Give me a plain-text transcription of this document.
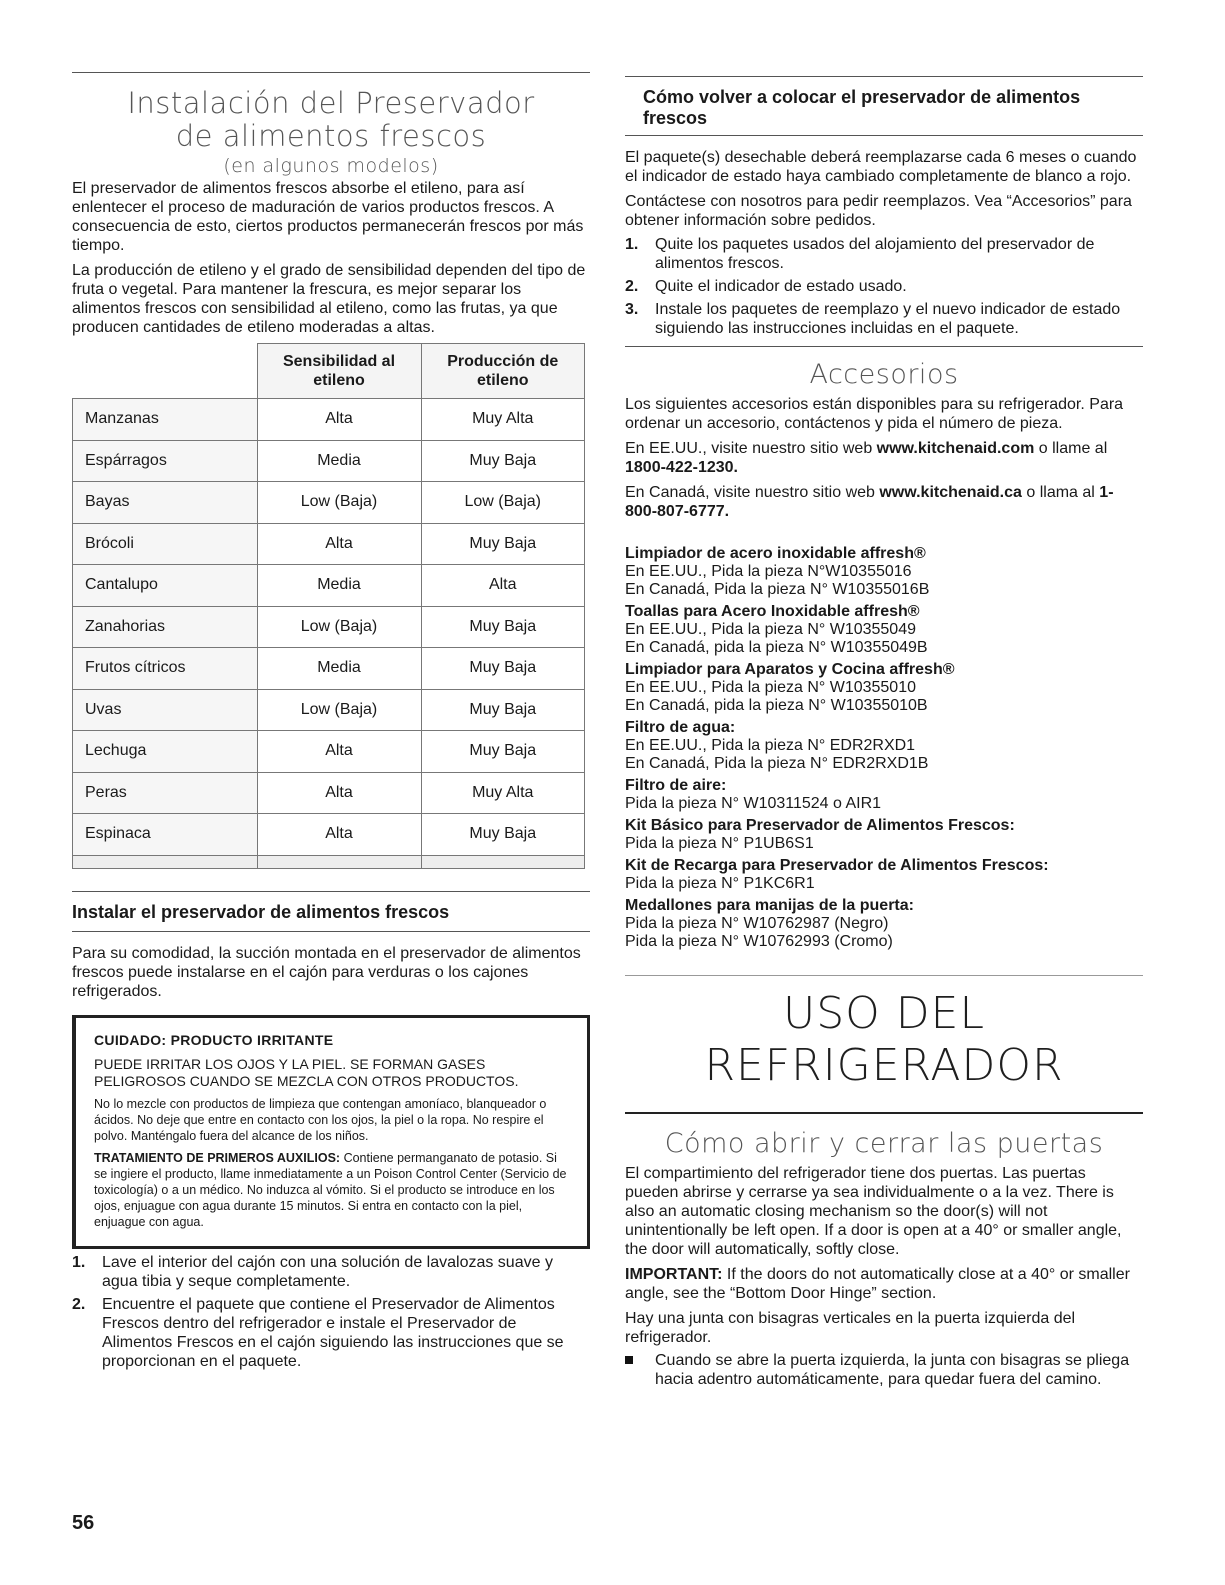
Instalación del Preservador
de alimentos frescos
(en algunos modelos)

El preservador de alimentos frescos absorbe el etileno, para así enlentecer el proceso de maduración de varios productos frescos. A consecuencia de esto, ciertos productos permanecerán frescos por más tiempo.

La producción de etileno y el grado de sensibilidad dependen del tipo de fruta o vegetal. Para mantener la frescura, es mejor separar los alimentos frescos con sensibilidad al etileno, como las frutas, ya que producen cantidades de etileno moderadas a altas.

	Sensibilidad al etileno	Producción de etileno
Manzanas	Alta	Muy Alta
Espárragos	Media	Muy Baja
Bayas	Low (Baja)	Low (Baja)
Brócoli	Alta	Muy Baja
Cantalupo	Media	Alta
Zanahorias	Low (Baja)	Muy Baja
Frutos cítricos	Media	Muy Baja
Uvas	Low (Baja)	Muy Baja
Lechuga	Alta	Muy Baja
Peras	Alta	Muy Alta
Espinaca	Alta	Muy Baja

Instalar el preservador de alimentos frescos

Para su comodidad, la succión montada en el preservador de alimentos frescos puede instalarse en el cajón para verduras o los cajones refrigerados.

CUIDADO: PRODUCTO IRRITANTE
PUEDE IRRITAR LOS OJOS Y LA PIEL. SE FORMAN GASES PELIGROSOS CUANDO SE MEZCLA CON OTROS PRODUCTOS.
No lo mezcle con productos de limpieza que contengan amoníaco, blanqueador o ácidos. No deje que entre en contacto con los ojos, la piel o la ropa. No respire el polvo. Manténgalo fuera del alcance de los niños.
TRATAMIENTO DE PRIMEROS AUXILIOS: Contiene permanganato de potasio. Si se ingiere el producto, llame inmediatamente a un Poison Control Center (Servicio de toxicología) o a un médico. No induzca al vómito. Si el producto se introduce en los ojos, enjuague con agua durante 15 minutos. Si entra en contacto con la piel, enjuague con agua.
1. Lave el interior del cajón con una solución de lavalozas suave y agua tibia y seque completamente.
2. Encuentre el paquete que contiene el Preservador de Alimentos Frescos dentro del refrigerador e instale el Preservador de Alimentos Frescos en el cajón siguiendo las instrucciones que se proporcionan en el paquete.
Cómo volver a colocar el preservador de alimentos frescos

El paquete(s) desechable deberá reemplazarse cada 6 meses o cuando el indicador de estado haya cambiado completamente de blanco a rojo.

Contáctese con nosotros para pedir reemplazos. Vea “Accesorios” para obtener información sobre pedidos.

1. Quite los paquetes usados del alojamiento del preservador de alimentos frescos.
2. Quite el indicador de estado usado.
3. Instale los paquetes de reemplazo y el nuevo indicador de estado siguiendo las instrucciones incluidas en el paquete.
Accesorios

Los siguientes accesorios están disponibles para su refrigerador. Para ordenar un accesorio, contáctenos y pida el número de pieza.

En EE.UU., visite nuestro sitio web www.kitchenaid.com o llame al 1800-422-1230.

En Canadá, visite nuestro sitio web www.kitchenaid.ca o llama al 1-800-807-6777.

Limpiador de acero inoxidable affresh®
En EE.UU., Pida la pieza N°W10355016
En Canadá, Pida la pieza N° W10355016B
Toallas para Acero Inoxidable affresh®
En EE.UU., Pida la pieza N° W10355049
En Canadá, pida la pieza N° W10355049B
Limpiador para Aparatos y Cocina affresh®
En EE.UU., Pida la pieza N° W10355010
En Canadá, pida la pieza N° W10355010B
Filtro de agua:
En EE.UU., Pida la pieza N° EDR2RXD1
En Canadá, Pida la pieza N° EDR2RXD1B
Filtro de aire:
Pida la pieza N° W10311524 o AIR1
Kit Básico para Preservador de Alimentos Frescos:
Pida la pieza N° P1UB6S1
Kit de Recarga para Preservador de Alimentos Frescos:
Pida la pieza N° P1KC6R1
Medallones para manijas de la puerta:
Pida la pieza N° W10762987 (Negro)
Pida la pieza N° W10762993 (Cromo)
USO DEL REFRIGERADOR
Cómo abrir y cerrar las puertas

El compartimiento del refrigerador tiene dos puertas. Las puertas pueden abrirse y cerrarse ya sea individualmente o a la vez. There is also an automatic closing mechanism so the door(s) will not unintentionally be left open. If a door is open at a 40° or smaller angle, the door will automatically, softly close.

IMPORTANT: If the doors do not automatically close at a 40° or smaller angle, see the “Bottom Door Hinge” section.

Hay una junta con bisagras verticales en la puerta izquierda del refrigerador.

Cuando se abre la puerta izquierda, la junta con bisagras se pliega hacia adentro automáticamente, para quedar fuera del camino.
56
